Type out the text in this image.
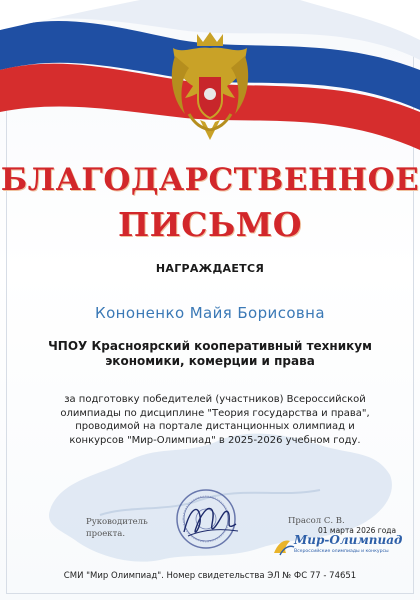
БЛАГОДАРСТВЕННОЕ
ПИСЬМО
НАГРАЖДАЕТСЯ
Кононенко Майя Борисовна
ЧПОУ Красноярский кооперативный техникум экономики, комерции и права
за подготовку победителей (участников) Всероссийской олимпиады по дисциплине "Теория государства и права", проводимой на портале дистанционных олимпиад и конкурсов "Мир-Олимпиад" в 2025-2026 учебном году.
Руководитель проекта.
Прасол С. В.
01 марта 2026 года
Мир-Олимпиад
Всероссийские олимпиады и конкурсы
СМИ "Мир Олимпиад". Номер свидетельства ЭЛ № ФС 77 - 74651
